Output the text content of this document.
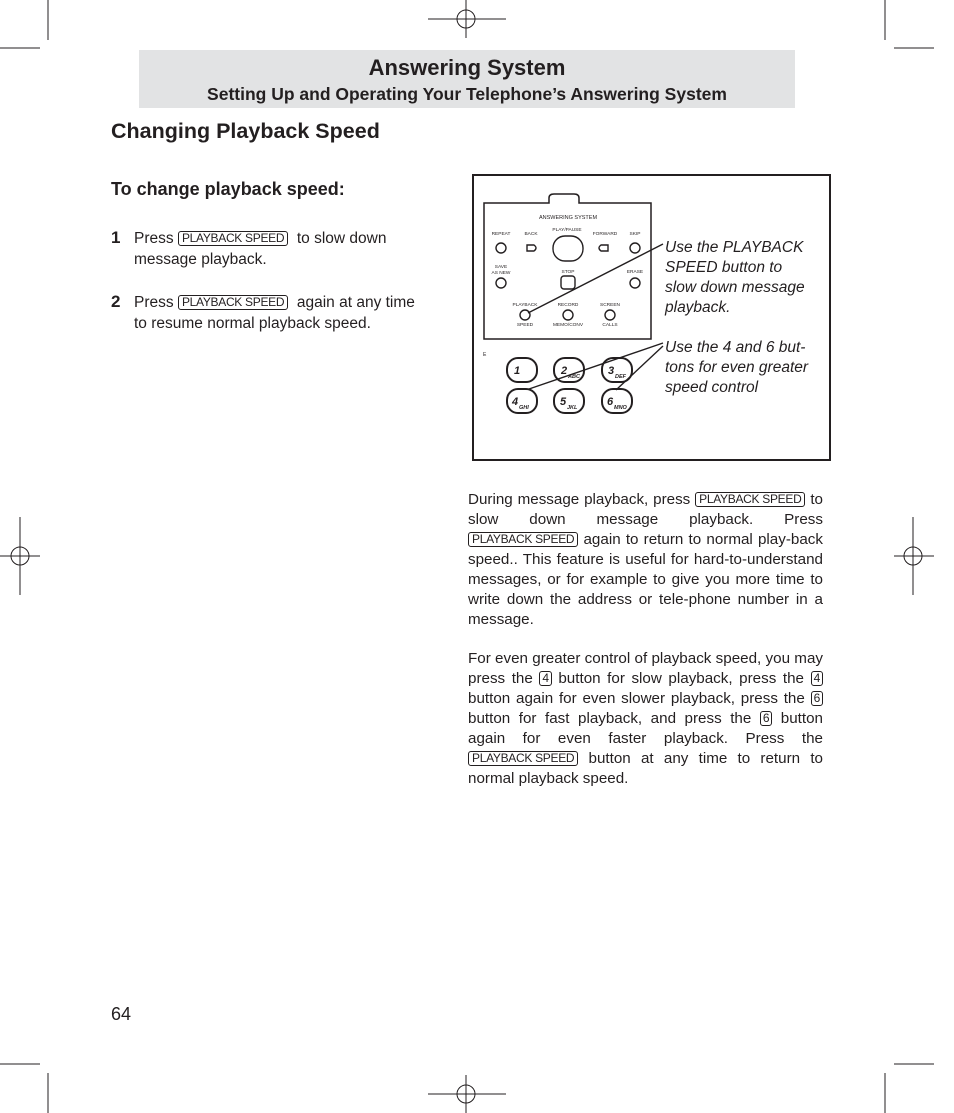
Answering System
Setting Up and Operating Your Telephone’s Answering System
Changing Playback Speed
To change playback speed:
1 Press PLAYBACK SPEED to slow down message playback.
2 Press PLAYBACK SPEED again at any time to resume normal playback speed.
ANSWERING SYSTEM
REPEAT	BACK
PLAY/PAUSE
FORWARD	SKIP
SAVE
AS NEW	STOP	ERASE
PLAYBACK	RECORD	SCREEN
SPEED	MEMO/CONV	CALLS
E
1	2 ABC	3 DEF
4 GHI	5 JKL	6 MNO
Use the PLAYBACK
SPEED button to
slow down message
playback.
Use the 4 and 6 but-
tons for even greater
speed control
During message playback, press PLAYBACK SPEED to slow down message playback. Press PLAYBACK SPEED again to return to normal play-back speed.. This feature is useful for hard-to-understand messages, or for example to give you more time to write down the address or tele-phone number in a message.
For even greater control of playback speed, you may press the 4 button for slow playback, press the 4 button again for even slower playback, press the 6 button for fast playback, and press the 6 button again for even faster playback. Press the PLAYBACK SPEED button at any time to return to normal playback speed.
64
